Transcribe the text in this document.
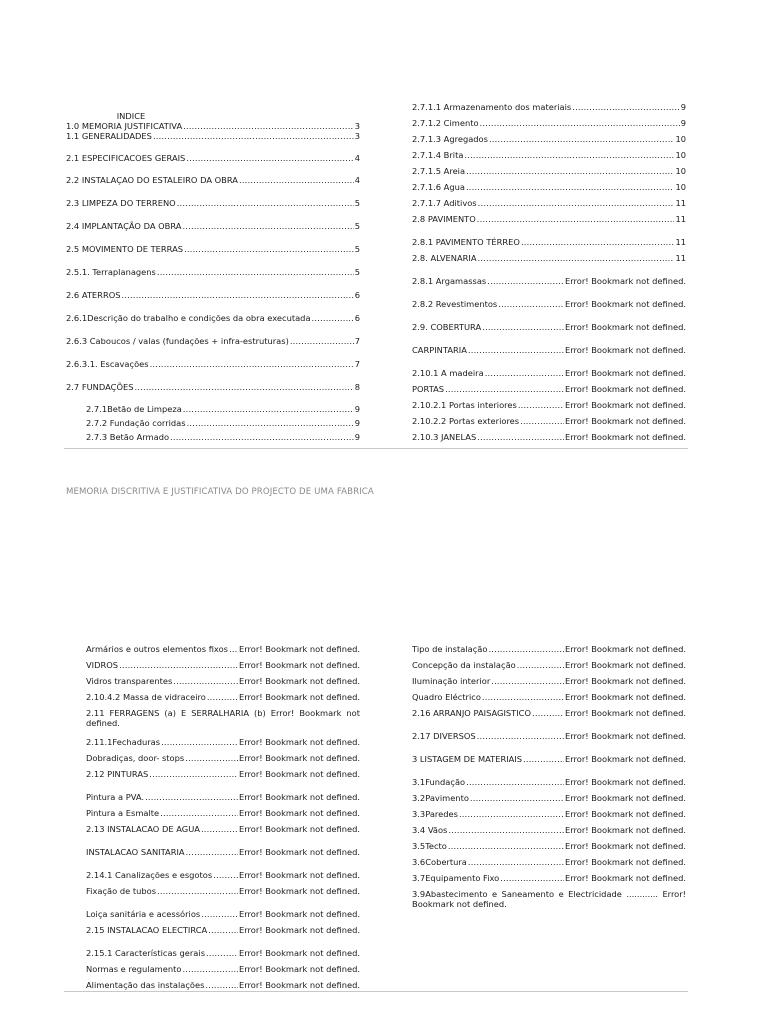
INDICE
1.0 MEMORIA JUSTIFICATIVA .....	3
1.1 GENERALIDADES .....	3
2.1 ESPECIFICACOES GERAIS .....	4
2.2 INSTALAÇAO DO ESTALEIRO DA OBRA .....	4
2.3 LIMPEZA DO TERRENO .....	5
2.4 IMPLANTAÇÃO DA OBRA .....	5
2.5 MOVIMENTO DE TERRAS .....	5
2.5.1. Terraplanagens .....	5
2.6 ATERROS .....	6
2.6.1Descrição do trabalho e condições da obra executada .....	6
2.6.3 Caboucos / valas (fundações + infra-estruturas) .....	7
2.6.3.1. Escavações .....	7
2.7 FUNDAÇÕES .....	8
2.7.1Betão de Limpeza .....	9
2.7.2 Fundação corridas .....	9
2.7.3 Betão Armado .....	9
2.7.1.1 Armazenamento dos materiais .....	9
2.7.1.2 Cimento .....	9
2.7.1.3 Agregados .....	10
2.7.1.4 Brita .....	10
2.7.1.5 Areia .....	10
2.7.1.6 Agua .....	10
2.7.1.7 Aditivos .....	11
2.8 PAVIMENTO .....	11
2.8.1 PAVIMENTO TÉRREO .....	11
2.8. ALVENARIA .....	11
2.8.1 Argamassas .....	Error! Bookmark not defined.
2.8.2 Revestimentos .....	Error! Bookmark not defined.
2.9. COBERTURA .....	Error! Bookmark not defined.
CARPINTARIA .....	Error! Bookmark not defined.
2.10.1 A madeira .....	Error! Bookmark not defined.
PORTAS .....	Error! Bookmark not defined.
2.10.2.1 Portas interiores .....	Error! Bookmark not defined.
2.10.2.2 Portas exteriores .....	Error! Bookmark not defined.
2.10.3 JANELAS .....	Error! Bookmark not defined.
MEMORIA DISCRITIVA E JUSTIFICATIVA DO PROJECTO DE UMA FABRICA
Armários e outros elementos fixos ..... Error! Bookmark not defined.
VIDROS .....	Error! Bookmark not defined.
Vidros transparentes .....	Error! Bookmark not defined.
2.10.4.2 Massa de vidraceiro .....	Error! Bookmark not defined.
2.11 FERRAGENS (a) E SERRALHARIA (b) Error! Bookmark not defined.
2.11.1Fechaduras .....	Error! Bookmark not defined.
Dobradiças, door- stops .....	Error! Bookmark not defined.
2.12 PINTURAS .....	Error! Bookmark not defined.
Pintura a PVA. .....	Error! Bookmark not defined.
Pintura a Esmalte .....	Error! Bookmark not defined.
2.13 INSTALACAO DE AGUA .....	Error! Bookmark not defined.
INSTALACAO SANITARIA .....	Error! Bookmark not defined.
2.14.1 Canalizações e esgotos .....	Error! Bookmark not defined.
Fixação de tubos .....	Error! Bookmark not defined.
Loiça sanitária e acessórios .....	Error! Bookmark not defined.
2.15 INSTALACAO ELECTIRCA .....	Error! Bookmark not defined.
2.15.1 Características gerais .....	Error! Bookmark not defined.
Normas e regulamento .....	Error! Bookmark not defined.
Alimentação das instalações .....	Error! Bookmark not defined.
Tipo de instalação .....	Error! Bookmark not defined.
Concepção da instalação .....	Error! Bookmark not defined.
Iluminação interior .....	Error! Bookmark not defined.
Quadro Eléctrico .....	Error! Bookmark not defined.
2.16 ARRANJO PAISAGISTICO .....	Error! Bookmark not defined.
2.17 DIVERSOS .....	Error! Bookmark not defined.
3 LISTAGEM DE MATERIAIS .....	Error! Bookmark not defined.
3.1Fundação .....	Error! Bookmark not defined.
3.2Pavimento .....	Error! Bookmark not defined.
3.3Paredes .....	Error! Bookmark not defined.
3.4 Vãos .....	Error! Bookmark not defined.
3.5Tecto .....	Error! Bookmark not defined.
3.6Cobertura .....	Error! Bookmark not defined.
3.7Equipamento Fixo .....	Error! Bookmark not defined.
3.9Abastecimento e Saneamento e Electricidade ............ Error! Bookmark not defined.
